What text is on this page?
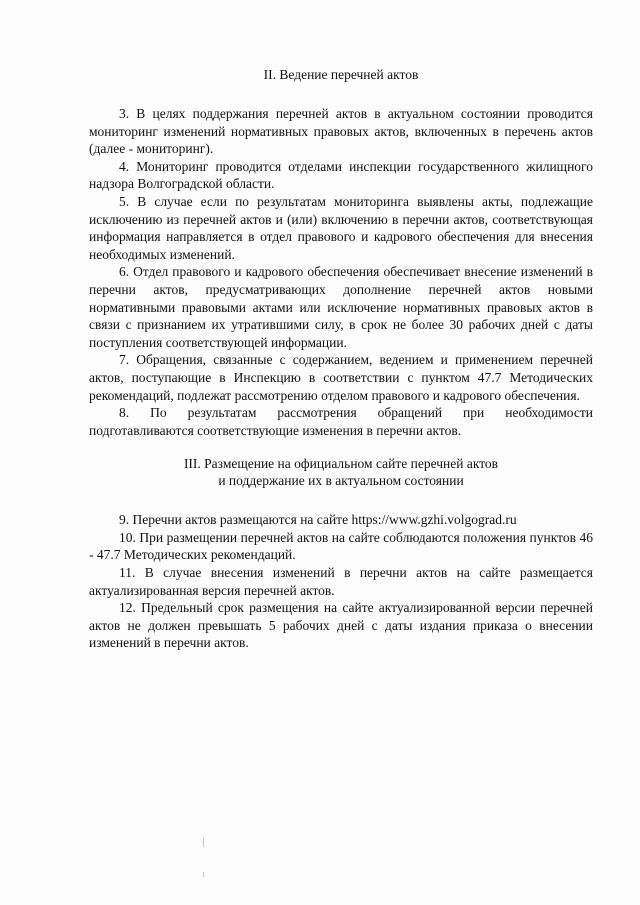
II. Ведение перечней актов

3. В целях поддержания перечней актов в актуальном состоянии проводится мониторинг изменений нормативных правовых актов, включенных в перечень актов (далее - мониторинг).

4. Мониторинг проводится отделами инспекции государственного жилищного надзора Волгоградской области.

5. В случае если по результатам мониторинга выявлены акты, подлежащие исключению из перечней актов и (или) включению в перечни актов, соответствующая информация направляется в отдел правового и кадрового обеспечения для внесения необходимых изменений.

6. Отдел правового и кадрового обеспечения обеспечивает внесение изменений в перечни актов, предусматривающих дополнение перечней актов новыми нормативными правовыми актами или исключение нормативных правовых актов в связи с признанием их утратившими силу, в срок не более 30 рабочих дней с даты поступления соответствующей информации.

7. Обращения, связанные с содержанием, ведением и применением перечней актов, поступающие в Инспекцию в соответствии с пунктом 47.7 Методических рекомендаций, подлежат рассмотрению отделом правового и кадрового обеспечения.

8. По результатам рассмотрения обращений при необходимости подготавливаются соответствующие изменения в перечни актов.

III. Размещение на официальном сайте перечней актов
и поддержание их в актуальном состоянии

9. Перечни актов размещаются на сайте https://www.gzhi.volgograd.ru

10. При размещении перечней актов на сайте соблюдаются положения пунктов 46 - 47.7 Методических рекомендаций.

11. В случае внесения изменений в перечни актов на сайте размещается актуализированная версия перечней актов.

12. Предельный срок размещения на сайте актуализированной версии перечней актов не должен превышать 5 рабочих дней с даты издания приказа о внесении изменений в перечни актов.
